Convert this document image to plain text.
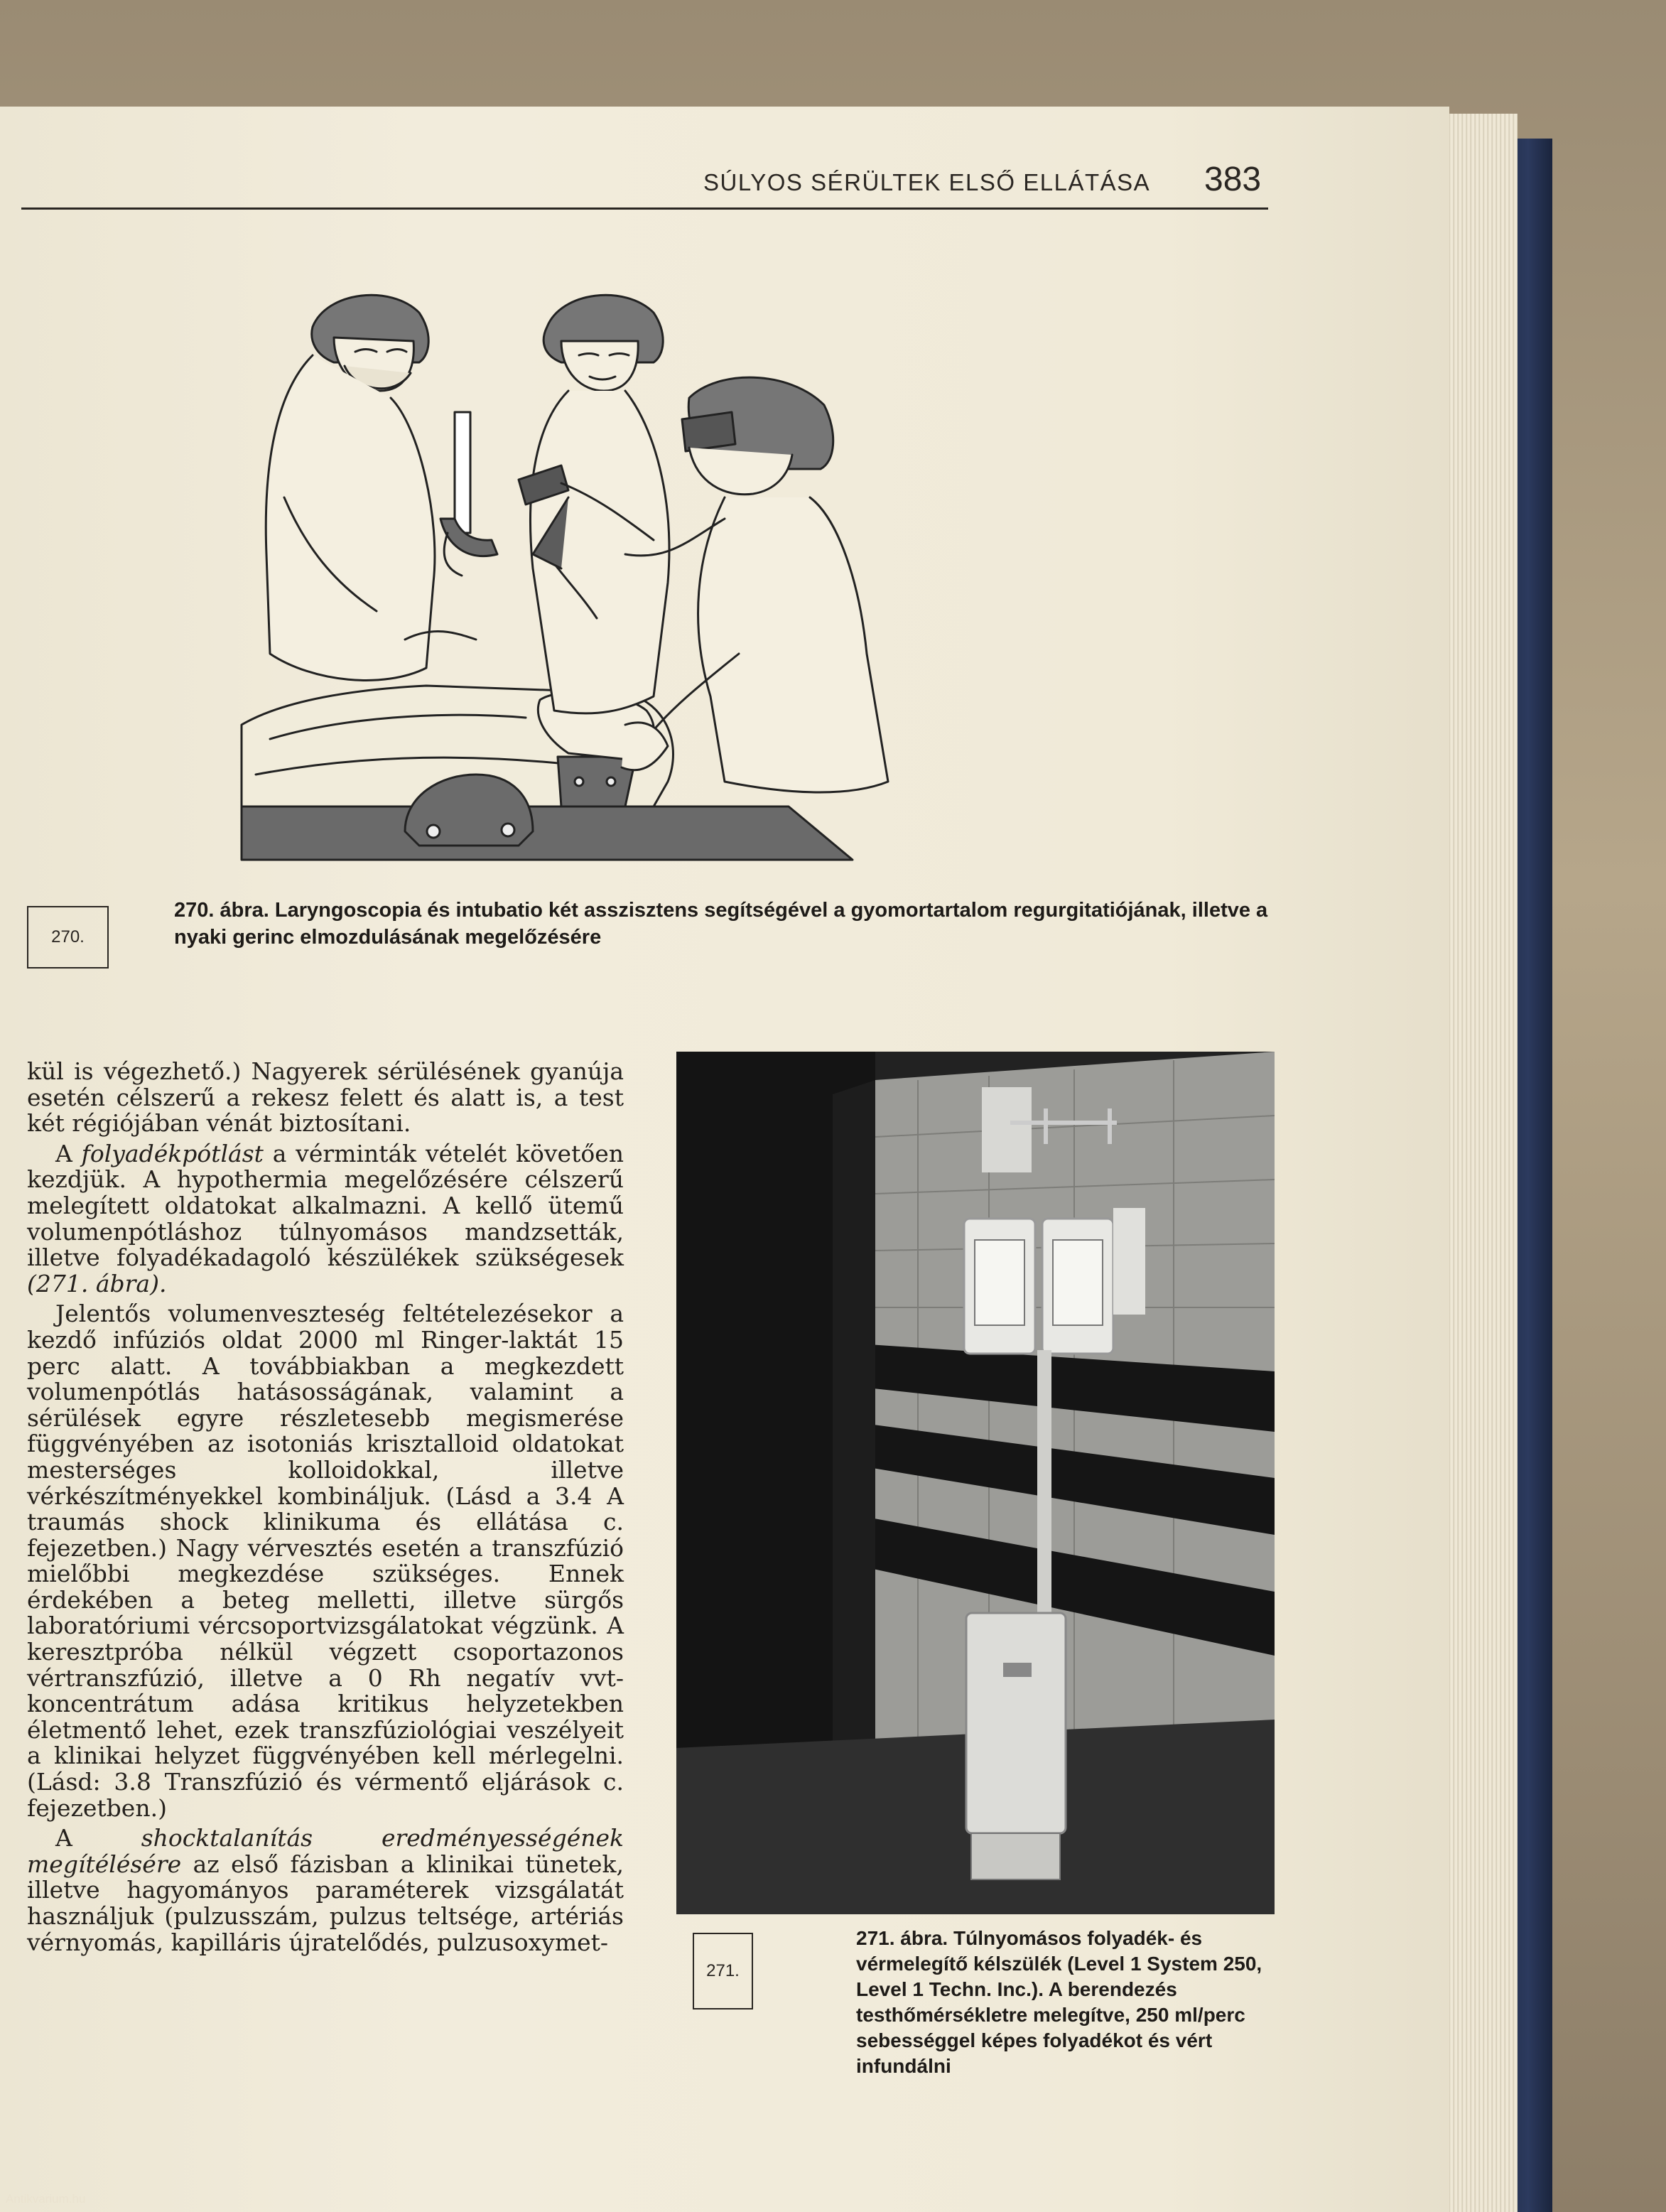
SÚLYOS SÉRÜLTEK ELSŐ ELLÁTÁSA 383
270.
270. ábra. Laryngoscopia és intubatio két asszisztens segítségével a gyomortartalom regurgitatiójának, illetve a nyaki gerinc elmozdulásának megelőzésére
271.
271. ábra. Túlnyomásos folyadék- és vérmelegítő kélszülék (Level 1 System 250, Level 1 Techn. Inc.). A berendezés testhőmérsékletre melegítve, 250 ml/perc sebességgel képes folyadékot és vért infundálni

kül is végezhető.) Nagyerek sérülésének gyanúja esetén célszerű a rekesz felett és alatt is, a test két régiójában vénát biztosítani.

A folyadékpótlást a vérminták vételét követően kezdjük. A hypothermia megelőzésére célszerű melegített oldatokat alkalmazni. A kellő ütemű volumenpótláshoz túlnyomásos mandzsetták, illetve folyadékadagoló készülékek szükségesek (271. ábra).

Jelentős volumenveszteség feltételezésekor a kezdő infúziós oldat 2000 ml Ringer-laktát 15 perc alatt. A továbbiakban a megkezdett volumenpótlás hatásosságának, valamint a sérülések egyre részletesebb megismerése függvényében az isotoniás krisztalloid oldatokat mesterséges kolloidokkal, illetve vérkészítményekkel kombináljuk. (Lásd a 3.4 A traumás shock klinikuma és ellátása c. fejezetben.) Nagy vérvesztés esetén a transzfúzió mielőbbi megkezdése szükséges. Ennek érdekében a beteg melletti, illetve sürgős laboratóriumi vércsoportvizsgálatokat végzünk. A keresztpróba nélkül végzett csoportazonos vértranszfúzió, illetve a 0 Rh negatív vvt-koncentrátum adása kritikus helyzetekben életmentő lehet, ezek transzfúziológiai veszélyeit a klinikai helyzet függvényében kell mérlegelni. (Lásd: 3.8 Transzfúzió és vérmentő eljárások c. fejezetben.)

A shocktalanítás eredményességének megítélésére az első fázisban a klinikai tünetek, illetve hagyományos paraméterek vizsgálatát használjuk (pulzusszám, pulzus teltsége, artériás vérnyomás, kapilláris újratelődés, pulzusoxymet-

Antikvarium.hu
